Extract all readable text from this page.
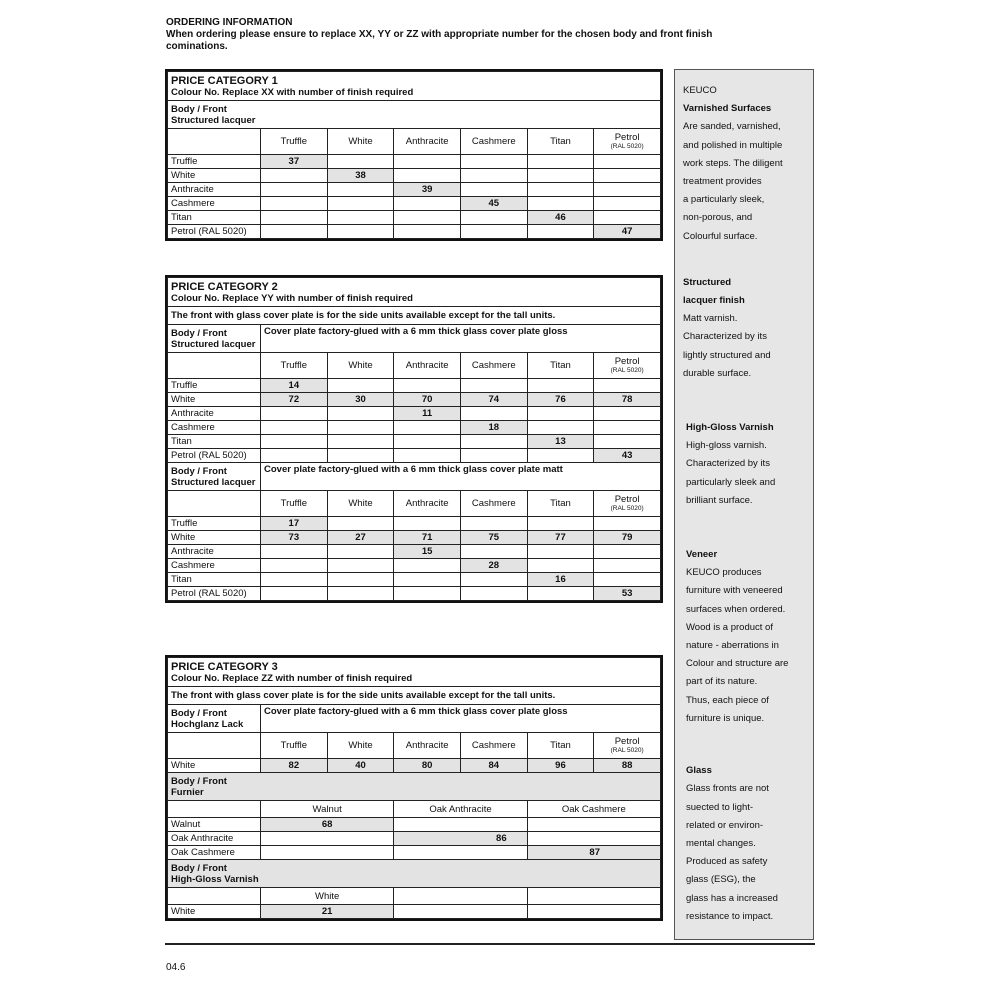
ORDERING INFORMATION
When ordering please ensure to replace XX, YY or ZZ with appropriate number for the chosen body and front finish cominations.
PRICE CATEGORY 1
Colour No. Replace XX with number of finish required						

Body / Front
Structured lacquer						

	Truffle	White	Anthracite	Cashmere	Titan	Petrol
(RAL 5020)

Truffle	37					
White		38				
Anthracite			39			
Cashmere				45		
Titan					46	
Petrol (RAL 5020)						47
PRICE CATEGORY 2
Colour No. Replace YY with number of finish required						

The front with glass cover plate is for the side units available except for the tall units.						

Body / Front
Structured lacquer	Cover plate factory-glued with a 6 mm thick glass cover plate gloss					
	Truffle	White	Anthracite	Cashmere	Titan	Petrol
(RAL 5020)

Truffle	14					
White	72	30	70	74	76	78
Anthracite			11			
Cashmere				18		
Titan					13	
Petrol (RAL 5020)						43

Body / Front
Structured lacquer	Cover plate factory-glued with a 6 mm thick glass cover plate matt					
	Truffle	White	Anthracite	Cashmere	Titan	Petrol
(RAL 5020)

Truffle	17					
White	73	27	71	75	77	79
Anthracite			15			
Cashmere				28		
Titan					16	
Petrol (RAL 5020)						53
PRICE CATEGORY 3
Colour No. Replace ZZ with number of finish required						

The front with glass cover plate is for the side units available except for the tall units.						

Body / Front
Hochglanz Lack	Cover plate factory-glued with a 6 mm thick glass cover plate gloss					
	Truffle	White	Anthracite	Cashmere	Titan	Petrol
(RAL 5020)

White	82	40	80	84	96	88

Body / Front
Furnier						

	Walnut		Oak Anthracite		Oak Cashmere	
Walnut	68					
Oak Anthracite			86			
Oak Cashmere					87	

Body / Front
High-Gloss Varnish						

	White					
White	21					
KEUCO
Varnished Surfaces
Are sanded, varnished,
and polished in multiple
work steps. The diligent
treatment provides
a particularly sleek,
non-porous, and
Colourful surface.
Structured
lacquer finish
Matt varnish.
Characterized by its
lightly structured and
durable surface.
High-Gloss Varnish
High-gloss varnish.
Characterized by its
particularly sleek and
brilliant surface.
Veneer
KEUCO produces
furniture with veneered
surfaces when ordered.
Wood is a product of
nature - aberrations in
Colour and structure are
part of its nature.
Thus, each piece of
furniture is unique.
Glass
Glass fronts are not
suected to light-
related or environ-
mental changes.
Produced as safety
glass (ESG), the
glass has a increased
resistance to impact.
04.6
